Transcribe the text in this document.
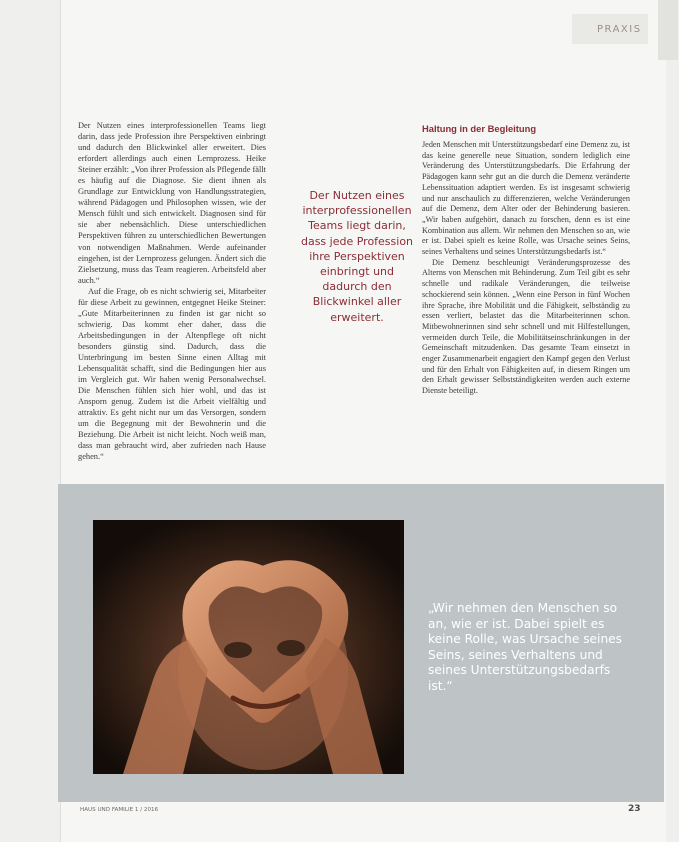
PRAXIS

Der Nutzen eines interprofessionellen Teams liegt darin, dass jede Profession ihre Perspektiven einbringt und dadurch den Blickwinkel aller erweitert. Dies erfordert allerdings auch einen Lernprozess. Heike Steiner erzählt: „Von ihrer Profession als Pflegende fällt es häufig auf die Diagnose. Sie dient ihnen als Grundlage zur Entwicklung von Handlungsstrategien, während Pädagogen und Philosophen wissen, wie der Mensch fühlt und sich entwickelt. Diagnosen sind für sie aber nebensächlich. Diese unterschiedlichen Perspektiven führen zu unterschiedlichen Bewertungen von notwendigen Maßnahmen. Werde aufeinander eingehen, ist der Lernprozess gelungen. Ändert sich die Zielsetzung, muss das Team reagieren. Arbeitsfeld aber auch.“

Auf die Frage, ob es nicht schwierig sei, Mitarbeiter für diese Arbeit zu gewinnen, entgegnet Heike Steiner: „Gute Mitarbeiterinnen zu finden ist gar nicht so schwierig. Das kommt eher daher, dass die Arbeitsbedingungen in der Altenpflege oft nicht besonders günstig sind. Dadurch, dass die Unterbringung im besten Sinne einen Alltag mit Lebensqualität schafft, sind die Bedingungen hier aus im Vergleich gut. Wir haben wenig Personalwechsel. Die Menschen fühlen sich hier wohl, und das ist Ansporn genug. Zudem ist die Arbeit vielfältig und attraktiv. Es geht nicht nur um das Versorgen, sondern um die Begegnung mit der Bewohnerin und die Beziehung. Die Arbeit ist nicht leicht. Noch weiß man, dass man gebraucht wird, aber zufrieden nach Hause gehen.“

Der Nutzen eines interprofessionellen Teams liegt darin, dass jede Profession ihre Perspektiven einbringt und dadurch den Blickwinkel aller erweitert.
Haltung in der Begleitung

Jeden Menschen mit Unterstützungsbedarf eine Demenz zu, ist das keine generelle neue Situation, sondern lediglich eine Veränderung des Unterstützungsbedarfs. Die Erfahrung der Pädagogen kann sehr gut an die durch die Demenz veränderte Lebenssituation adaptiert werden. Es ist insgesamt schwierig und nur anschaulich zu differenzieren, welche Veränderungen auf die Demenz, dem Alter oder der Behinderung basieren. „Wir haben aufgehört, danach zu forschen, denn es ist eine Kombination aus allem. Wir nehmen den Menschen so an, wie er ist. Dabei spielt es keine Rolle, was Ursache seines Seins, seines Verhaltens und seines Unterstützungsbedarfs ist.“

Die Demenz beschleunigt Veränderungsprozesse des Alterns von Menschen mit Behinderung. Zum Teil gibt es sehr schnelle und radikale Veränderungen, die teilweise schockierend sein können. „Wenn eine Person in fünf Wochen ihre Sprache, ihre Mobilität und die Fähigkeit, selbständig zu essen verliert, belastet das die Mitarbeiterinnen schon. Mitbewohnerinnen sind sehr schnell und mit Hilfestellungen, vermeiden durch Teile, die Mobilitätseinschränkungen in der Gemeinschaft mitzudenken. Das gesamte Team einsetzt in enger Zusammenarbeit engagiert den Kampf gegen den Verlust und für den Erhalt von Fähigkeiten auf, in diesem Ringen um den Erhalt gewisser Selbstständigkeiten werden auch externe Dienste beteiligt.

„Wir nehmen den Menschen so an, wie er ist. Dabei spielt es keine Rolle, was Ursache seines Seins, seines Verhaltens und seines Unterstützungsbedarfs ist.“
HAUS UND FAMILIE 1 / 2016	23
